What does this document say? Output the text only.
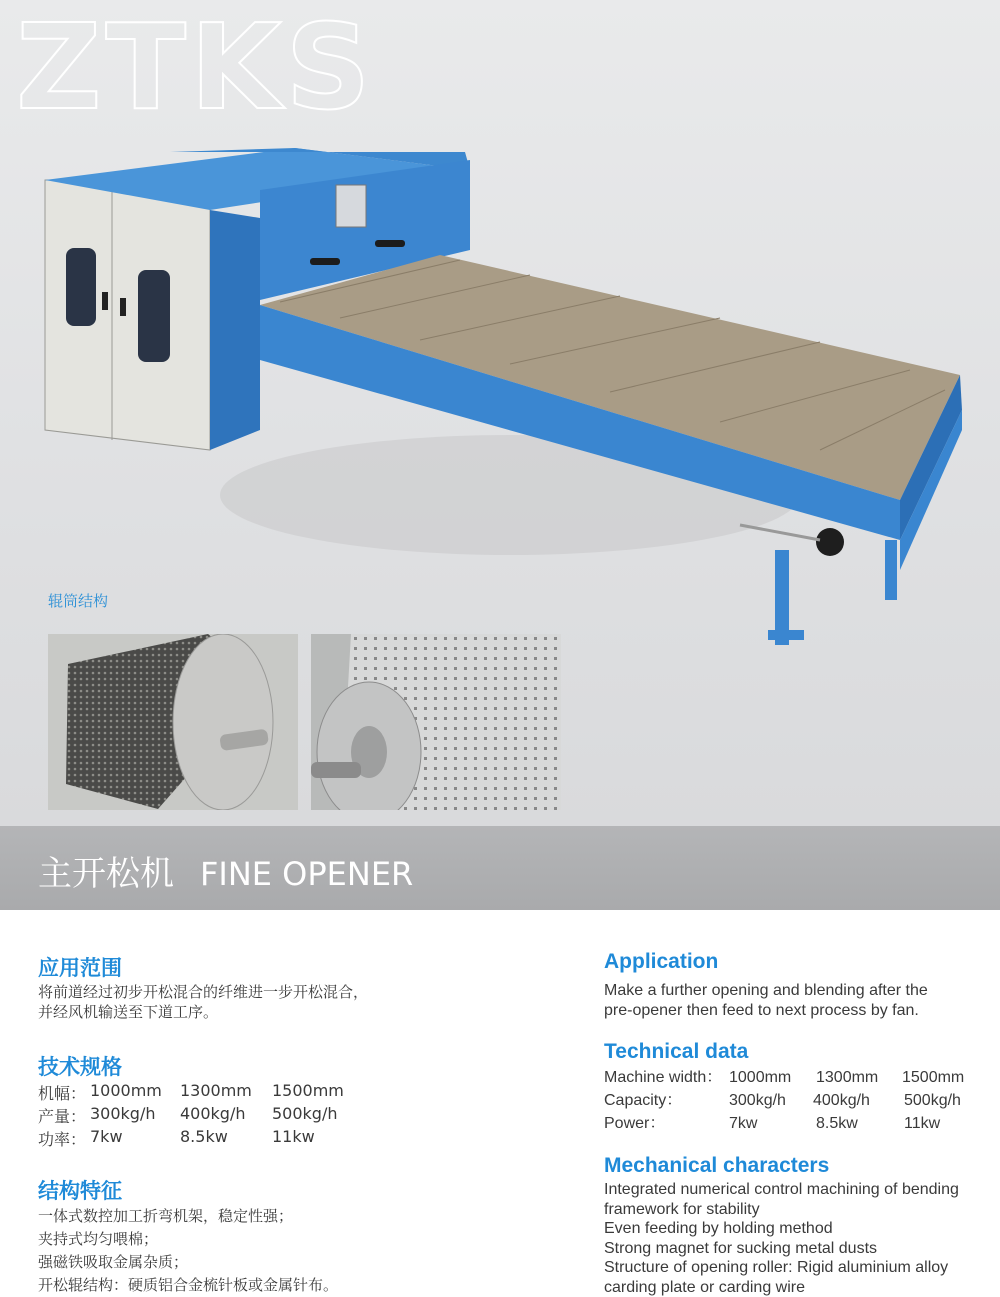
ZTKS
辊筒结构
主开松机 FINE OPENER
应用范围
将前道经过初步开松混合的纤维进一步开松混合，
并经风机输送至下道工序。
Application
Make a further opening and blending after the
pre-opener then feed to next process by fan.
技术规格
机幅： 1000mm 1300mm 1500mm
产量： 300kg/h 400kg/h 500kg/h
功率： 7kw	8.5kw	11kw
Technical data
Machine width： 1000mm 1300mm 1500mm
Capacity：	300kg/h 400kg/h 500kg/h
Power：	7kw	8.5kw	11kw
结构特征
一体式数控加工折弯机架，稳定性强；
夹持式均匀喂棉；
强磁铁吸取金属杂质；
开松辊结构：硬质铝合金梳针板或金属针布。
Mechanical characters
Integrated numerical control machining of bending
framework for stability
Even feeding by holding method
Strong magnet for sucking metal dusts
Structure of opening roller: Rigid aluminium alloy
carding plate or carding wire
